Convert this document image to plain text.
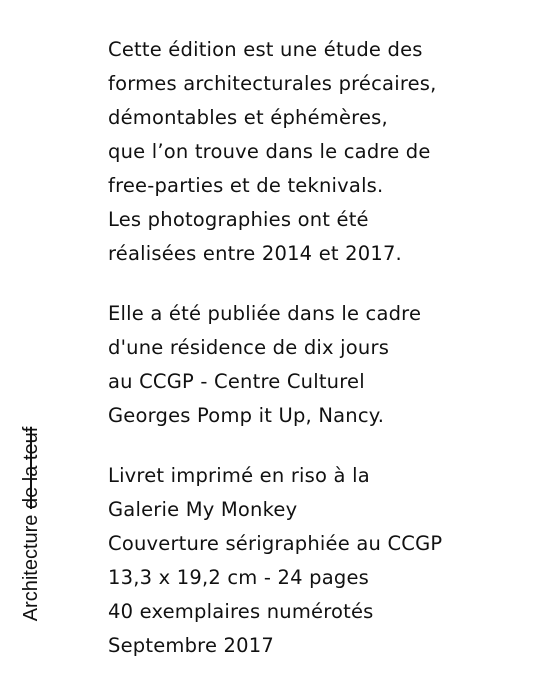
Architecture de la teuf

Cette édition est une étude des
formes architecturales précaires,
démontables et éphémères,
que l’on trouve dans le cadre de
free-parties et de teknivals.
Les photographies ont été
réalisées entre 2014 et 2017.

Elle a été publiée dans le cadre
d'une résidence de dix jours
au CCGP - Centre Culturel
Georges Pomp it Up, Nancy.

Livret imprimé en riso à la
Galerie My Monkey
Couverture sérigraphiée au CCGP
13,3 x 19,2 cm - 24 pages
40 exemplaires numérotés
Septembre 2017
